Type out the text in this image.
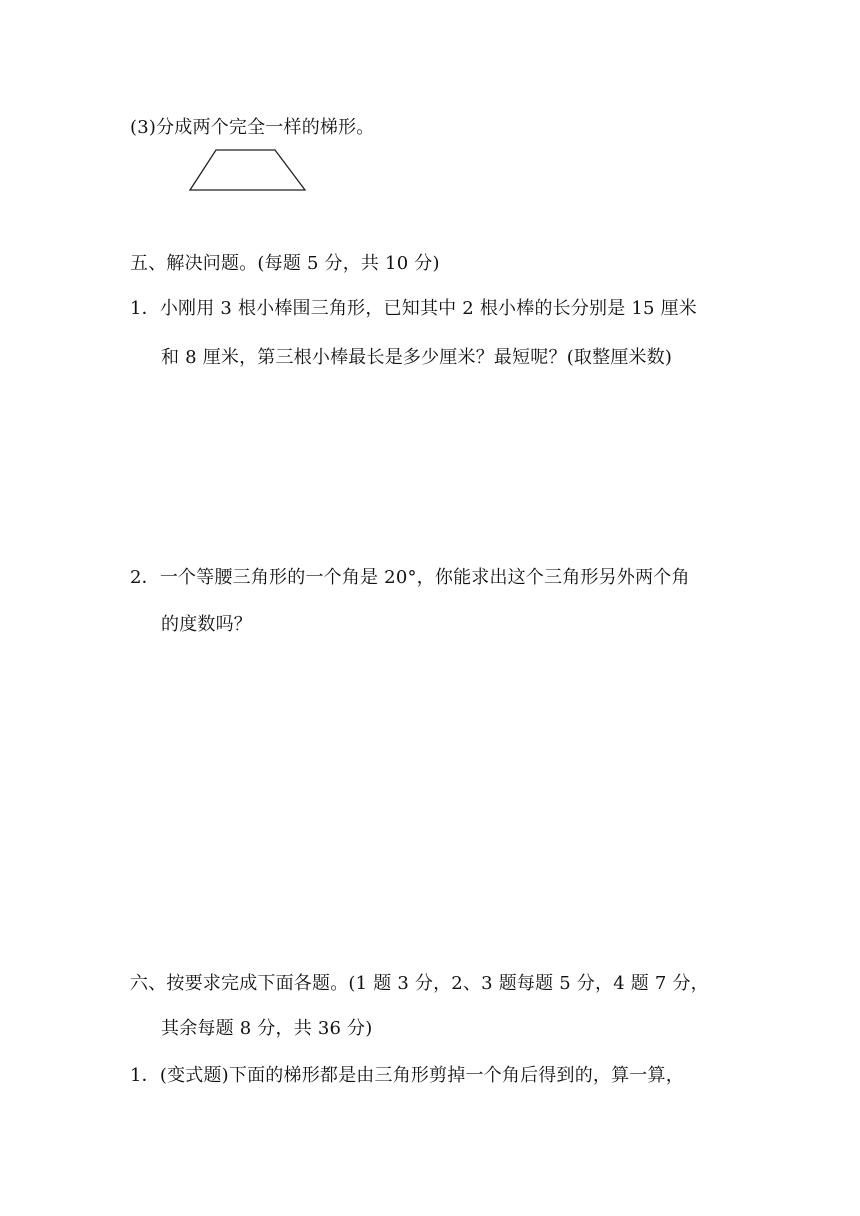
(3)分成两个完全一样的梯形。
五、解决问题。(每题 5 分，共 10 分)
1．小刚用 3 根小棒围三角形，已知其中 2 根小棒的长分别是 15 厘米
和 8 厘米，第三根小棒最长是多少厘米？最短呢？(取整厘米数)
2．一个等腰三角形的一个角是 20°，你能求出这个三角形另外两个角
的度数吗？
六、按要求完成下面各题。(1 题 3 分，2、3 题每题 5 分，4 题 7 分，
其余每题 8 分，共 36 分)
1．(变式题)下面的梯形都是由三角形剪掉一个角后得到的，算一算，
